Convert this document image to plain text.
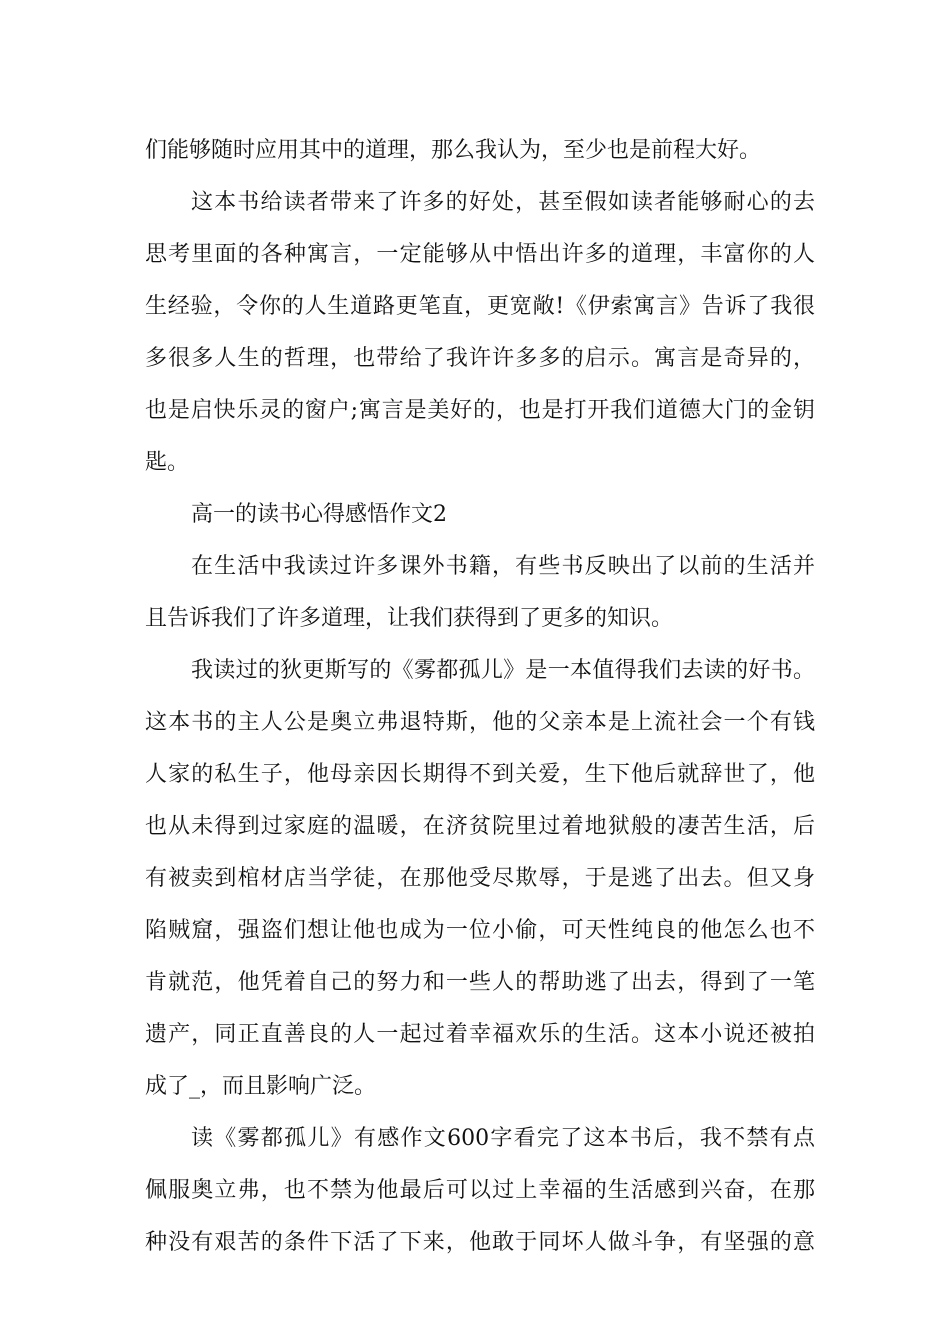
们能够随时应用其中的道理，那么我认为，至少也是前程大好。
这本书给读者带来了许多的好处，甚至假如读者能够耐心的去
思考里面的各种寓言，一定能够从中悟出许多的道理，丰富你的人
生经验，令你的人生道路更笔直，更宽敞!《伊索寓言》告诉了我很
多很多人生的哲理，也带给了我许许多多的启示。寓言是奇异的，
也是启快乐灵的窗户;寓言是美好的，也是打开我们道德大门的金钥
匙。
高一的读书心得感悟作文2
在生活中我读过许多课外书籍，有些书反映出了以前的生活并
且告诉我们了许多道理，让我们获得到了更多的知识。
我读过的狄更斯写的《雾都孤儿》是一本值得我们去读的好书。
这本书的主人公是奥立弗退特斯，他的父亲本是上流社会一个有钱
人家的私生子，他母亲因长期得不到关爱，生下他后就辞世了，他
也从未得到过家庭的温暖，在济贫院里过着地狱般的凄苦生活，后
有被卖到棺材店当学徒，在那他受尽欺辱，于是逃了出去。但又身
陷贼窟，强盗们想让他也成为一位小偷，可天性纯良的他怎么也不
肯就范，他凭着自己的努力和一些人的帮助逃了出去，得到了一笔
遗产，同正直善良的人一起过着幸福欢乐的生活。这本小说还被拍
成了_，而且影响广泛。
读《雾都孤儿》有感作文600字看完了这本书后，我不禁有点
佩服奥立弗，也不禁为他最后可以过上幸福的生活感到兴奋，在那
种没有艰苦的条件下活了下来，他敢于同坏人做斗争，有坚强的意
